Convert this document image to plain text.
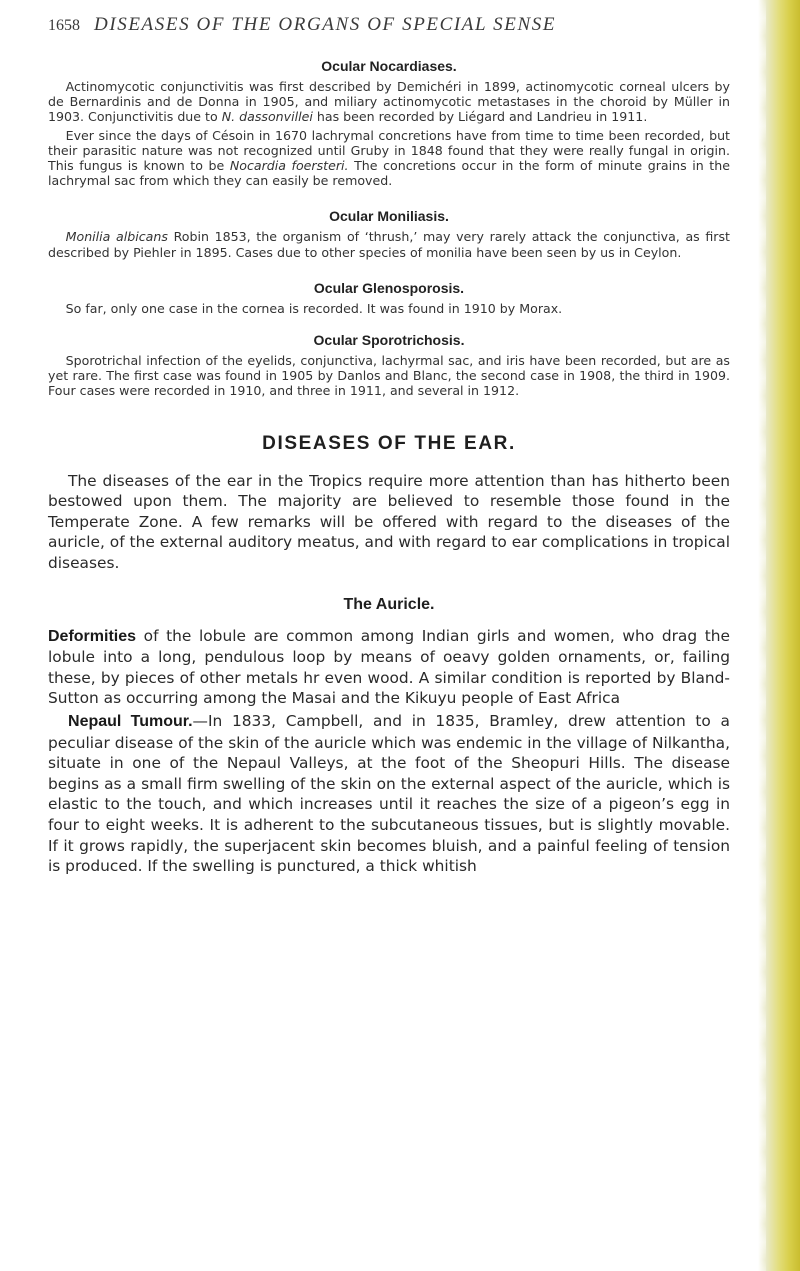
1658 DISEASES OF THE ORGANS OF SPECIAL SENSE
Ocular Nocardiases.

Actinomycotic conjunctivitis was first described by Demichéri in 1899, actinomycotic corneal ulcers by de Bernardinis and de Donna in 1905, and miliary actinomycotic metastases in the choroid by Müller in 1903. Conjunctivitis due to N. dassonvillei has been recorded by Liégard and Landrieu in 1911.

Ever since the days of Césoin in 1670 lachrymal concretions have from time to time been recorded, but their parasitic nature was not recognized until Gruby in 1848 found that they were really fungal in origin. This fungus is known to be Nocardia foersteri. The concretions occur in the form of minute grains in the lachrymal sac from which they can easily be removed.

Ocular Moniliasis.

Monilia albicans Robin 1853, the organism of ‘thrush,’ may very rarely attack the conjunctiva, as first described by Piehler in 1895. Cases due to other species of monilia have been seen by us in Ceylon.

Ocular Glenosporosis.

So far, only one case in the cornea is recorded. It was found in 1910 by Morax.

Ocular Sporotrichosis.

Sporotrichal infection of the eyelids, conjunctiva, lachyrmal sac, and iris have been recorded, but are as yet rare. The first case was found in 1905 by Danlos and Blanc, the second case in 1908, the third in 1909. Four cases were recorded in 1910, and three in 1911, and several in 1912.

DISEASES OF THE EAR.

The diseases of the ear in the Tropics require more attention than has hitherto been bestowed upon them. The majority are believed to resemble those found in the Temperate Zone. A few remarks will be offered with regard to the diseases of the auricle, of the external auditory meatus, and with regard to ear complications in tropical diseases.

The Auricle.

Deformities of the lobule are common among Indian girls and women, who drag the lobule into a long, pendulous loop by means of oeavy golden ornaments, or, failing these, by pieces of other metals hr even wood. A similar condition is reported by Bland-Sutton as occurring among the Masai and the Kikuyu people of East Africa

Nepaul Tumour.—In 1833, Campbell, and in 1835, Bramley, drew attention to a peculiar disease of the skin of the auricle which was endemic in the village of Nilkantha, situate in one of the Nepaul Valleys, at the foot of the Sheopuri Hills. The disease begins as a small firm swelling of the skin on the external aspect of the auricle, which is elastic to the touch, and which increases until it reaches the size of a pigeon’s egg in four to eight weeks. It is adherent to the subcutaneous tissues, but is slightly movable. If it grows rapidly, the superjacent skin becomes bluish, and a painful feeling of tension is produced. If the swelling is punctured, a thick whitish
